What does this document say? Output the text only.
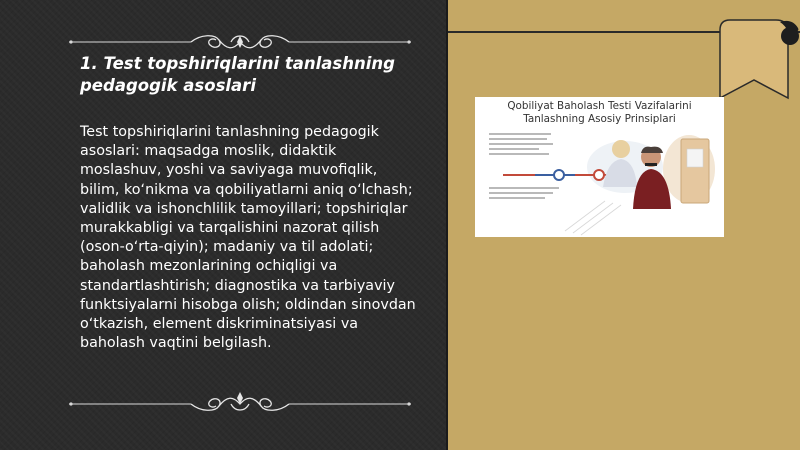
1. Test topshiriqlarini tanlashning pedagogik asoslari

Test topshiriqlarini tanlashning pedagogik asoslari: maqsadga moslik, didaktik moslashuv, yoshi va saviyaga muvofiqlik, bilim, koʻnikma va qobiliyatlarni aniq oʻlchash; validlik va ishonchlilik tamoyillari; topshiriqlar murakkabligi va tarqalishini nazorat qilish (oson-oʻrta-qiyin); madaniy va til adolati; baholash mezonlarining ochiqligi va standartlashtirish; diagnostika va tarbiyaviy funktsiyalarni hisobga olish; oldindan sinovdan oʻtkazish, element diskriminatsiyasi va baholash vaqtini belgilash.

Qobiliyat Baholash Testi Vazifalarini
Tanlashning Asosiy Prinsiplari
